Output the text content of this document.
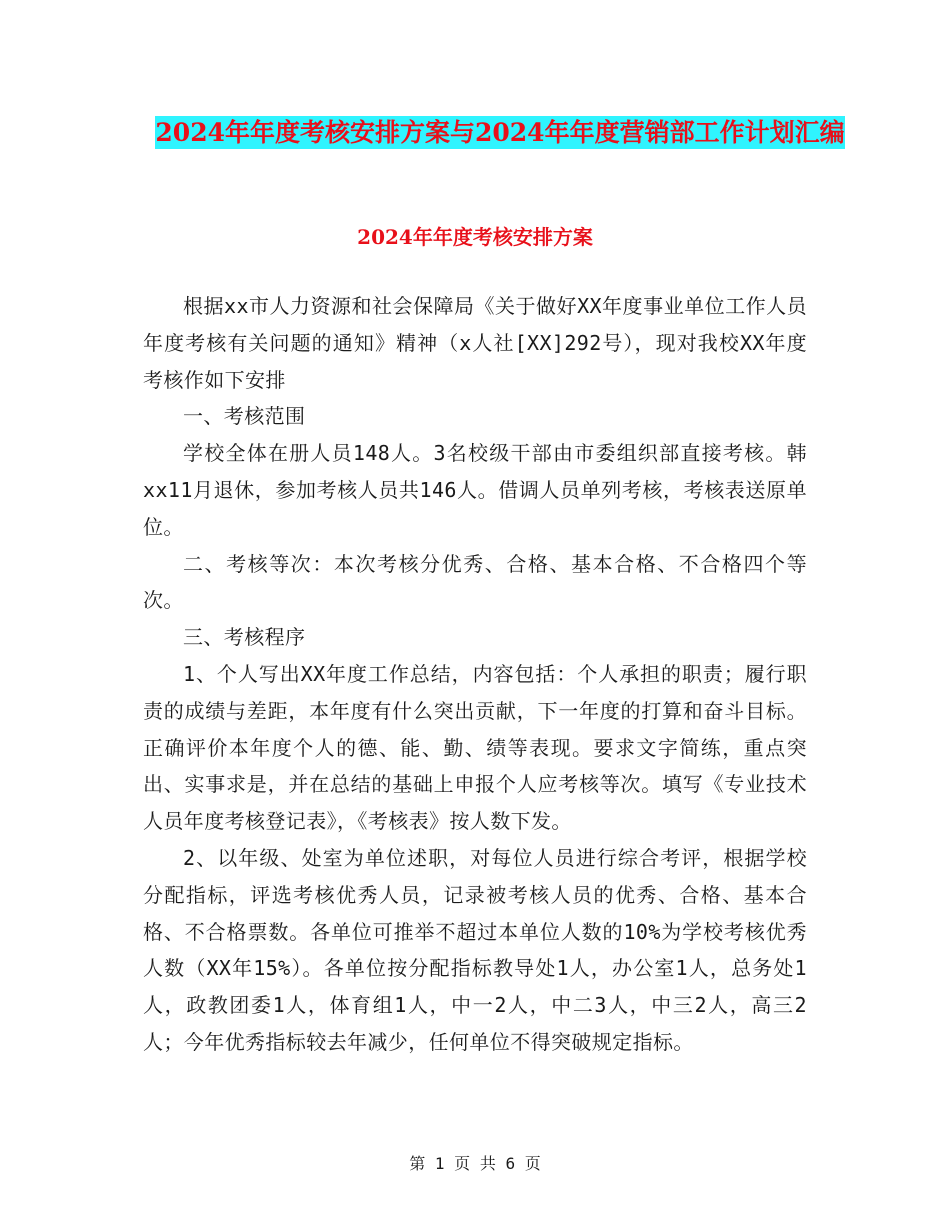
2024年年度考核安排方案与2024年年度营销部工作计划汇编
2024年年度考核安排方案

根据xx市人力资源和社会保障局《关于做好XX年度事业单位工作人员年度考核有关问题的通知》精神（x人社[XX]292号），现对我校XX年度考核作如下安排

一、考核范围

学校全体在册人员148人。3名校级干部由市委组织部直接考核。韩xx11月退休，参加考核人员共146人。借调人员单列考核，考核表送原单位。

二、考核等次：本次考核分优秀、合格、基本合格、不合格四个等次。

三、考核程序

1、个人写出XX年度工作总结，内容包括：个人承担的职责；履行职责的成绩与差距，本年度有什么突出贡献，下一年度的打算和奋斗目标。正确评价本年度个人的德、能、勤、绩等表现。要求文字简练，重点突出、实事求是，并在总结的基础上申报个人应考核等次。填写《专业技术人员年度考核登记表》，《考核表》按人数下发。

2、以年级、处室为单位述职，对每位人员进行综合考评，根据学校分配指标，评选考核优秀人员，记录被考核人员的优秀、合格、基本合格、不合格票数。各单位可推举不超过本单位人数的10%为学校考核优秀人数（XX年15%）。各单位按分配指标教导处1人，办公室1人，总务处1人，政教团委1人，体育组1人，中一2人，中二3人，中三2人，高三2人；今年优秀指标较去年减少，任何单位不得突破规定指标。

第 1 页 共 6 页
